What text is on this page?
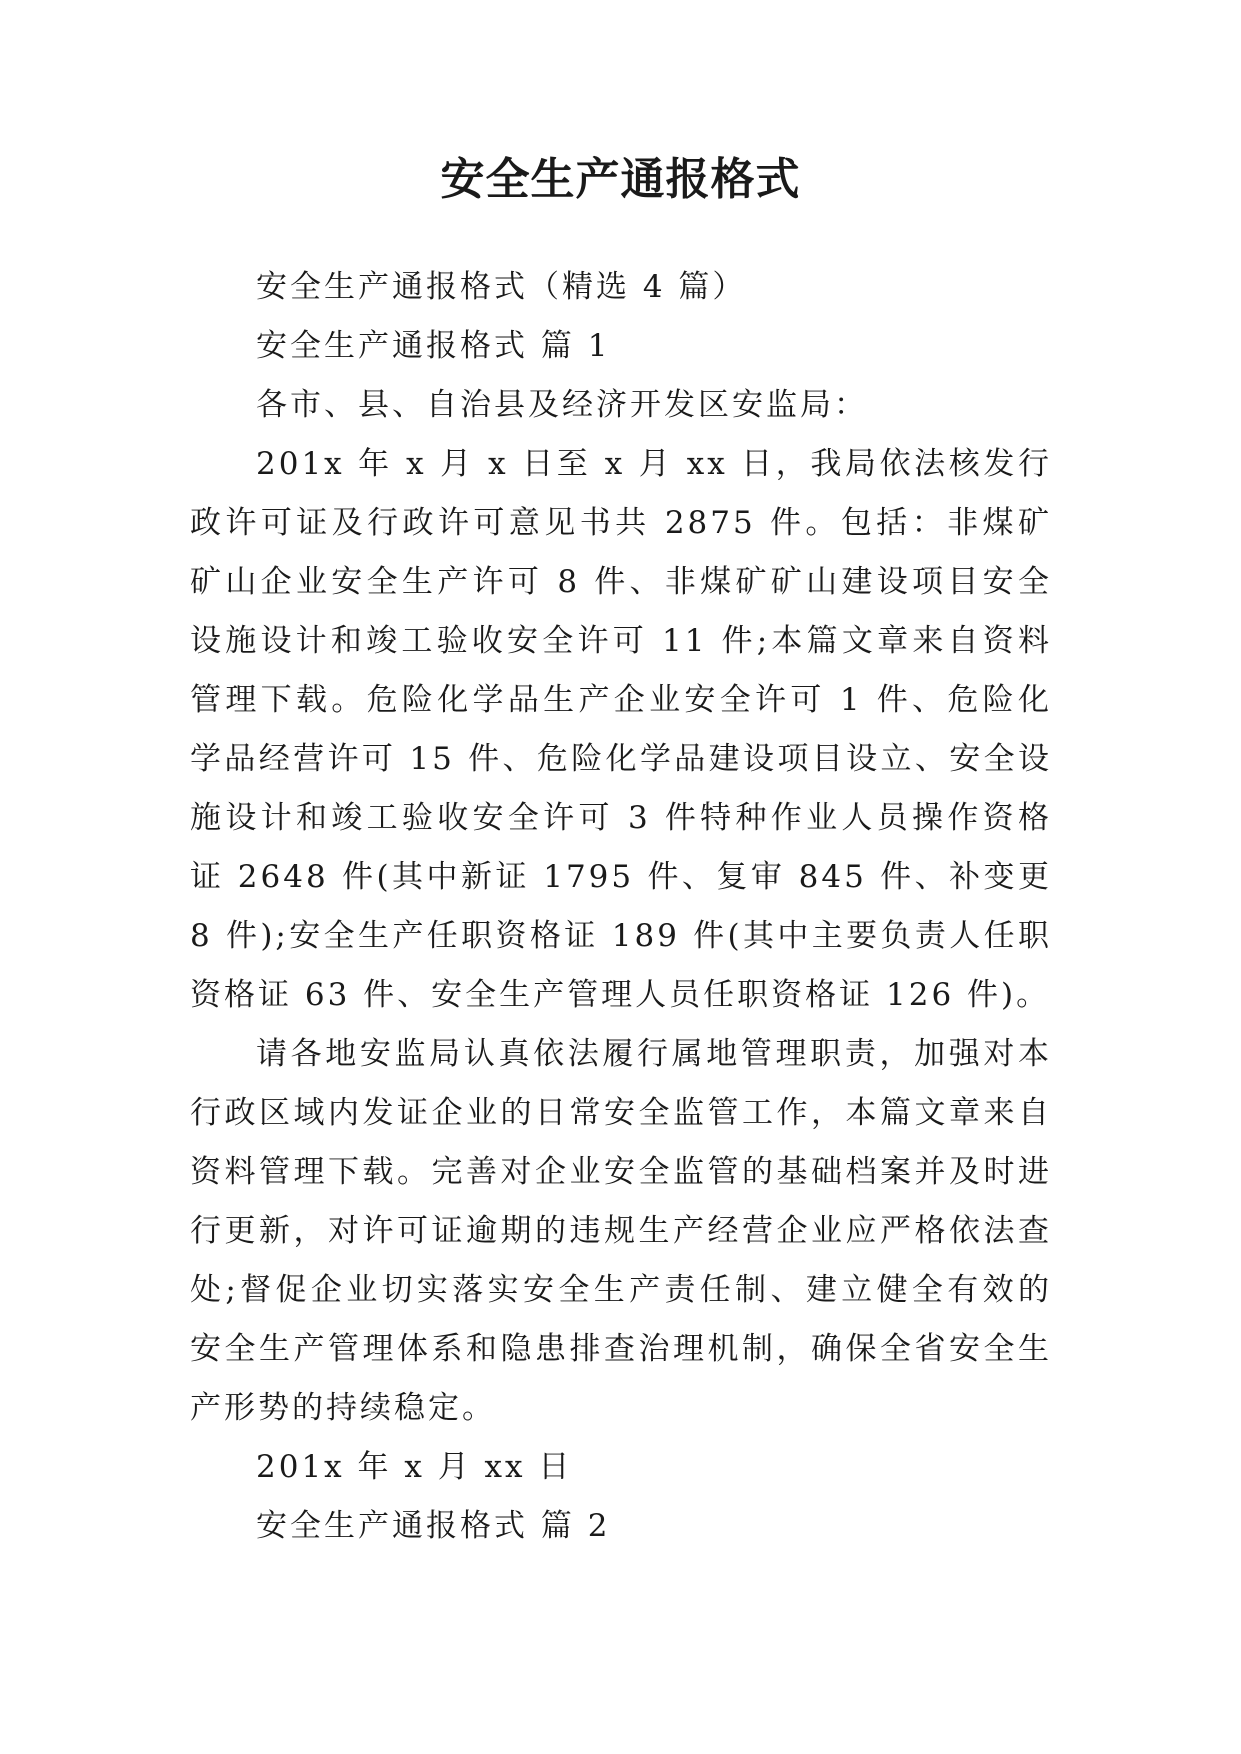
安全生产通报格式

安全生产通报格式（精选 4 篇）

安全生产通报格式 篇 1

各市、县、自治县及经济开发区安监局：

201x 年 x 月 x 日至 x 月 xx 日，我局依法核发行政许可证及行政许可意见书共 2875 件。包括：非煤矿矿山企业安全生产许可 8 件、非煤矿矿山建设项目安全设施设计和竣工验收安全许可 11 件;本篇文章来自资料管理下载。危险化学品生产企业安全许可 1 件、危险化学品经营许可 15 件、危险化学品建设项目设立、安全设施设计和竣工验收安全许可 3 件特种作业人员操作资格证 2648 件(其中新证 1795 件、复审 845 件、补变更 8 件);安全生产任职资格证 189 件(其中主要负责人任职资格证 63 件、安全生产管理人员任职资格证 126 件)。

请各地安监局认真依法履行属地管理职责，加强对本行政区域内发证企业的日常安全监管工作，本篇文章来自资料管理下载。完善对企业安全监管的基础档案并及时进行更新，对许可证逾期的违规生产经营企业应严格依法查处;督促企业切实落实安全生产责任制、建立健全有效的安全生产管理体系和隐患排查治理机制，确保全省安全生产形势的持续稳定。

201x 年 x 月 xx 日

安全生产通报格式 篇 2
